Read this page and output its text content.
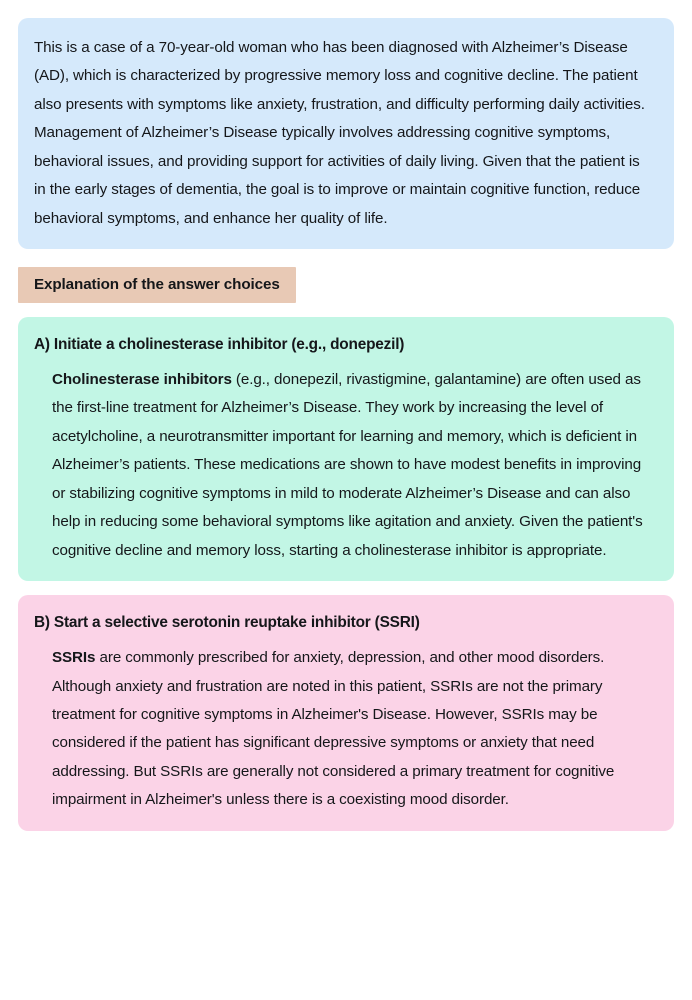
This is a case of a 70-year-old woman who has been diagnosed with Alzheimer’s Disease (AD), which is characterized by progressive memory loss and cognitive decline. The patient also presents with symptoms like anxiety, frustration, and difficulty performing daily activities. Management of Alzheimer’s Disease typically involves addressing cognitive symptoms, behavioral issues, and providing support for activities of daily living. Given that the patient is in the early stages of dementia, the goal is to improve or maintain cognitive function, reduce behavioral symptoms, and enhance her quality of life.

Explanation of the answer choices
A) Initiate a cholinesterase inhibitor (e.g., donepezil)

Cholinesterase inhibitors (e.g., donepezil, rivastigmine, galantamine) are often used as the first-line treatment for Alzheimer’s Disease. They work by increasing the level of acetylcholine, a neurotransmitter important for learning and memory, which is deficient in Alzheimer’s patients. These medications are shown to have modest benefits in improving or stabilizing cognitive symptoms in mild to moderate Alzheimer’s Disease and can also help in reducing some behavioral symptoms like agitation and anxiety. Given the patient's cognitive decline and memory loss, starting a cholinesterase inhibitor is appropriate.

B) Start a selective serotonin reuptake inhibitor (SSRI)

SSRIs are commonly prescribed for anxiety, depression, and other mood disorders. Although anxiety and frustration are noted in this patient, SSRIs are not the primary treatment for cognitive symptoms in Alzheimer's Disease. However, SSRIs may be considered if the patient has significant depressive symptoms or anxiety that need addressing. But SSRIs are generally not considered a primary treatment for cognitive impairment in Alzheimer's unless there is a coexisting mood disorder.
